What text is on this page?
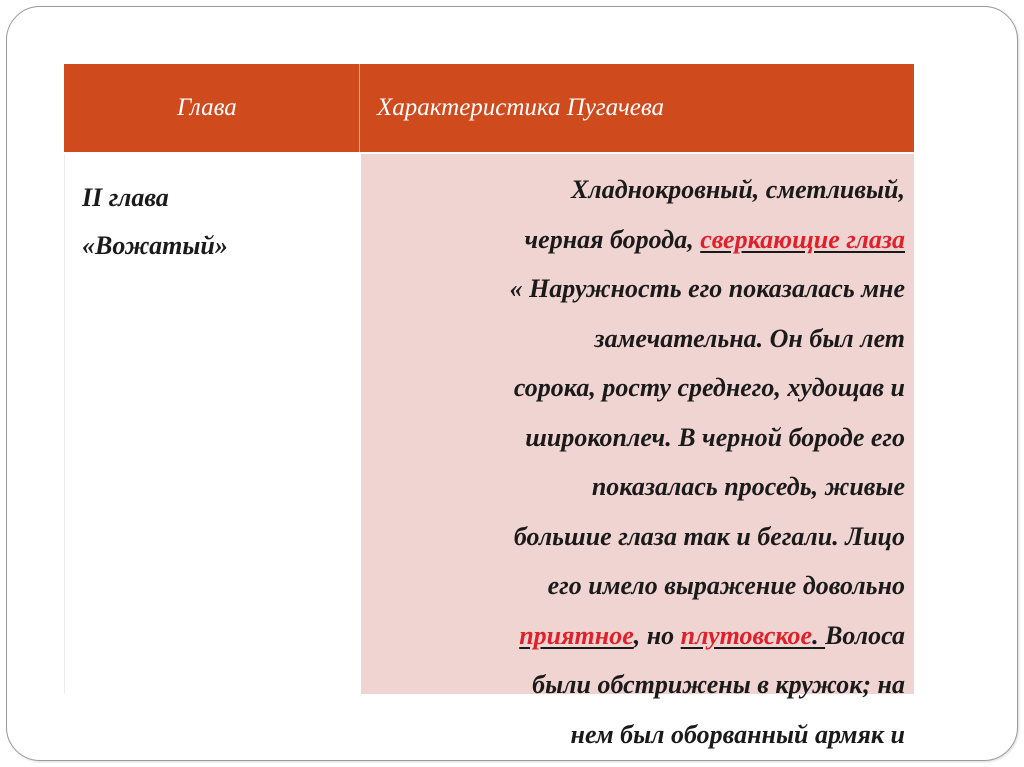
Глава	Характеристика Пугачева
II глава
«Вожатый»
Хладнокровный, сметливый,
черная борода, сверкающие глаза
« Наружность его показалась мне
замечательна. Он был лет
сорока, росту среднего, худощав и
широкоплеч. В черной бороде его
показалась проседь, живые
большие глаза так и бегали. Лицо
его имело выражение довольно
приятное, но плутовское. Волоса
были обстрижены в кружок; на
нем был оборванный армяк и
